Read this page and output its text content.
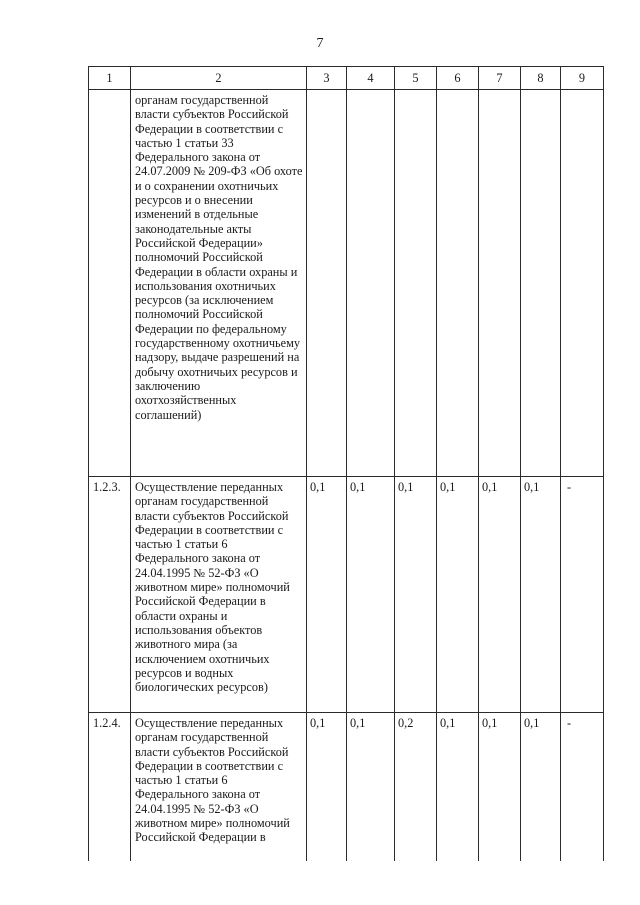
7
1	2	3	4	5	6	7	8	9
	органам государственной власти субъектов Российской Федерации в соответствии с частью 1 статьи 33 Федерального закона от 24.07.2009 № 209-ФЗ «Об охоте и о сохранении охотничьих ресурсов и о внесении изменений в отдельные законодательные акты Российской Федерации» полномочий Российской Федерации в области охраны и использования охотничьих ресурсов (за исключением полномочий Российской Федерации по федеральному государственному охотничьему надзору, выдаче разрешений на добычу охотничьих ресурсов и заключению охотхозяйственных соглашений)							
1.2.3.	Осуществление переданных органам государственной власти субъектов Российской Федерации в соответствии с частью 1 статьи 6 Федерального закона от 24.04.1995 № 52-ФЗ «О животном мире» полномочий Российской Федерации в области охраны и использования объектов животного мира (за исключением охотничьих ресурсов и водных биологических ресурсов)	0,1	0,1	0,1	0,1	0,1	0,1	-
1.2.4.	Осуществление переданных органам государственной власти субъектов Российской Федерации в соответствии с частью 1 статьи 6 Федерального закона от 24.04.1995 № 52-ФЗ «О животном мире» полномочий Российской Федерации в	0,1	0,1	0,2	0,1	0,1	0,1	-
